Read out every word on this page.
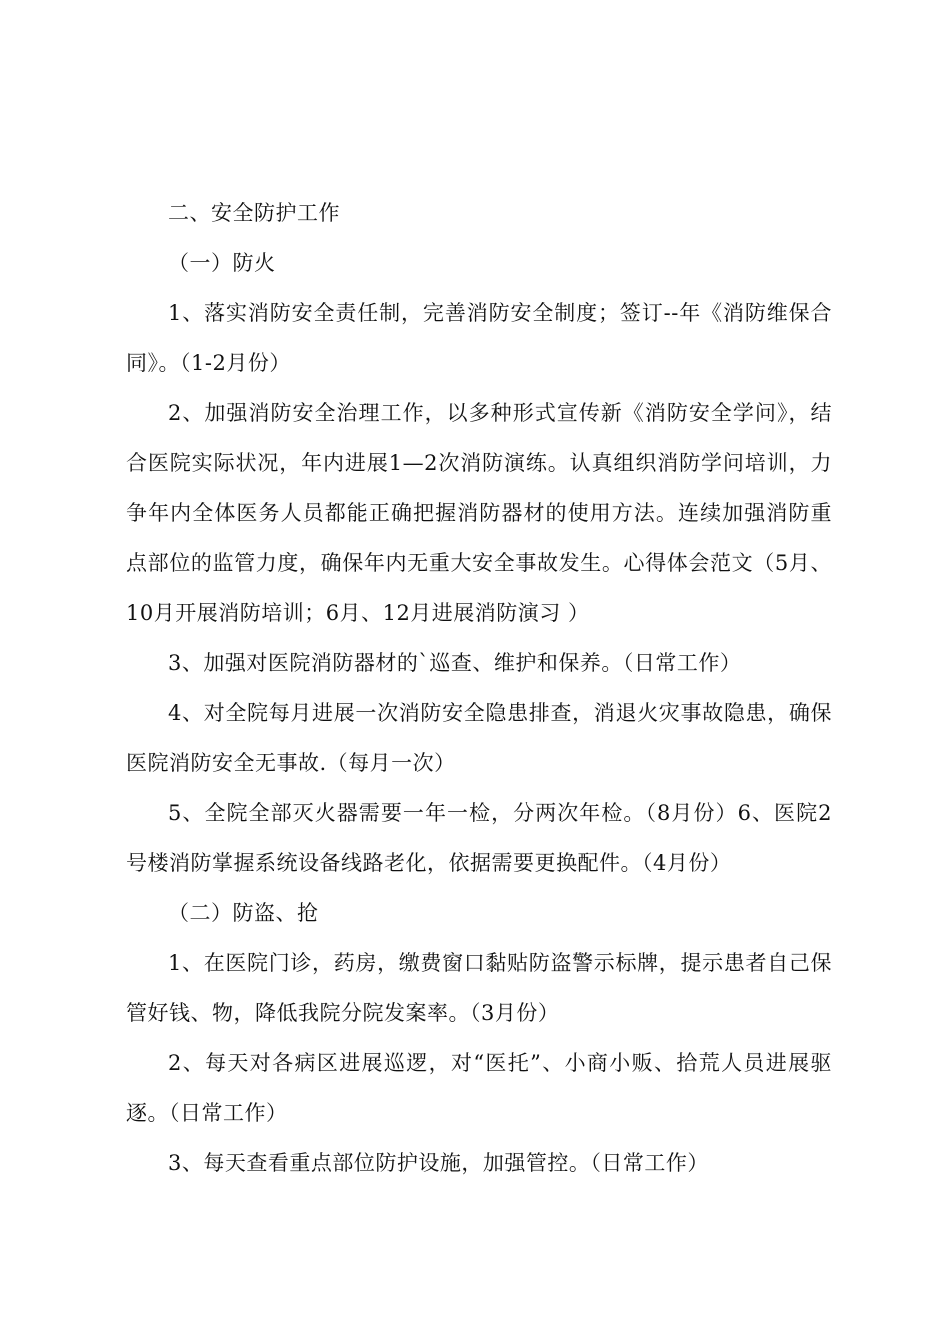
二、安全防护工作

（一）防火

1、落实消防安全责任制，完善消防安全制度；签订--年《消防维保合同》。（1-2月份）

2、加强消防安全治理工作，以多种形式宣传新《消防安全学问》，结合医院实际状况，年内进展1—2次消防演练。认真组织消防学问培训，力争年内全体医务人员都能正确把握消防器材的使用方法。连续加强消防重点部位的监管力度，确保年内无重大安全事故发生。心得体会范文（5月、10月开展消防培训；6月、12月进展消防演习 ）

3、加强对医院消防器材的`巡查、维护和保养。（日常工作）

4、对全院每月进展一次消防安全隐患排查，消退火灾事故隐患，确保医院消防安全无事故.（每月一次）

5、全院全部灭火器需要一年一检，分两次年检。（8月份）6、医院2号楼消防掌握系统设备线路老化，依据需要更换配件。（4月份）

（二）防盗、抢

1、在医院门诊，药房，缴费窗口黏贴防盗警示标牌，提示患者自己保管好钱、物，降低我院分院发案率。（3月份）

2、每天对各病区进展巡逻，对“医托”、小商小贩、拾荒人员进展驱逐。（日常工作）

3、每天查看重点部位防护设施，加强管控。（日常工作）
